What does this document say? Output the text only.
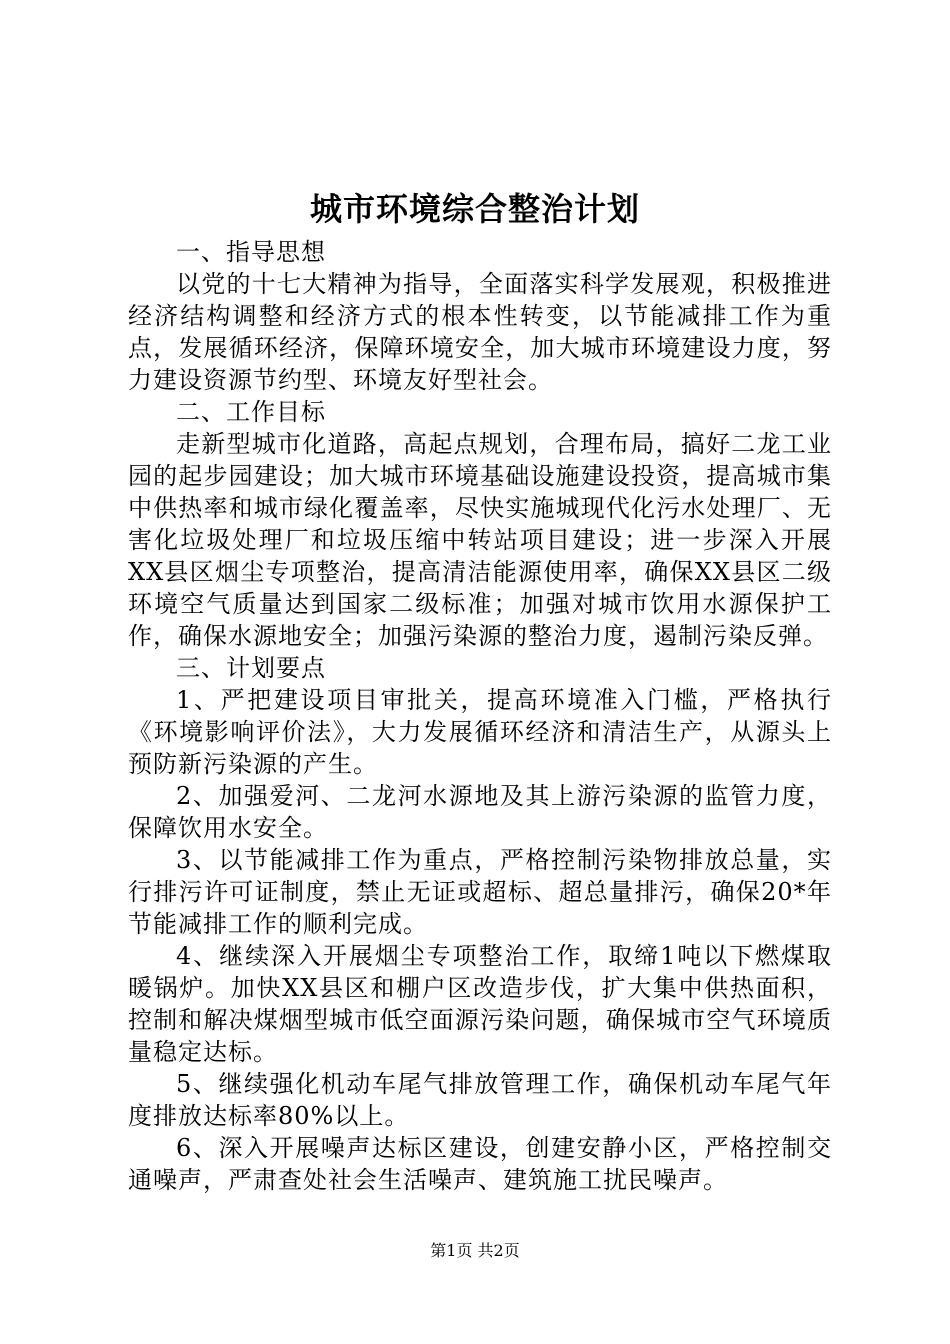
城市环境综合整治计划

一、指导思想

以党的十七大精神为指导，全面落实科学发展观，积极推进经济结构调整和经济方式的根本性转变，以节能减排工作为重点，发展循环经济，保障环境安全，加大城市环境建设力度，努力建设资源节约型、环境友好型社会。

二、工作目标

走新型城市化道路，高起点规划，合理布局，搞好二龙工业园的起步园建设；加大城市环境基础设施建设投资，提高城市集中供热率和城市绿化覆盖率，尽快实施城现代化污水处理厂、无害化垃圾处理厂和垃圾压缩中转站项目建设；进一步深入开展XX县区烟尘专项整治，提高清洁能源使用率，确保XX县区二级环境空气质量达到国家二级标准；加强对城市饮用水源保护工作，确保水源地安全；加强污染源的整治力度，遏制污染反弹。

三、计划要点

1、严把建设项目审批关，提高环境准入门槛，严格执行《环境影响评价法》，大力发展循环经济和清洁生产，从源头上预防新污染源的产生。

2、加强爱河、二龙河水源地及其上游污染源的监管力度，保障饮用水安全。

3、以节能减排工作为重点，严格控制污染物排放总量，实行排污许可证制度，禁止无证或超标、超总量排污，确保20*年节能减排工作的顺利完成。

4、继续深入开展烟尘专项整治工作，取缔1吨以下燃煤取暖锅炉。加快XX县区和棚户区改造步伐，扩大集中供热面积，控制和解决煤烟型城市低空面源污染问题，确保城市空气环境质量稳定达标。

5、继续强化机动车尾气排放管理工作，确保机动车尾气年度排放达标率80%以上。

6、深入开展噪声达标区建设，创建安静小区，严格控制交通噪声，严肃查处社会生活噪声、建筑施工扰民噪声。

第1页 共2页
